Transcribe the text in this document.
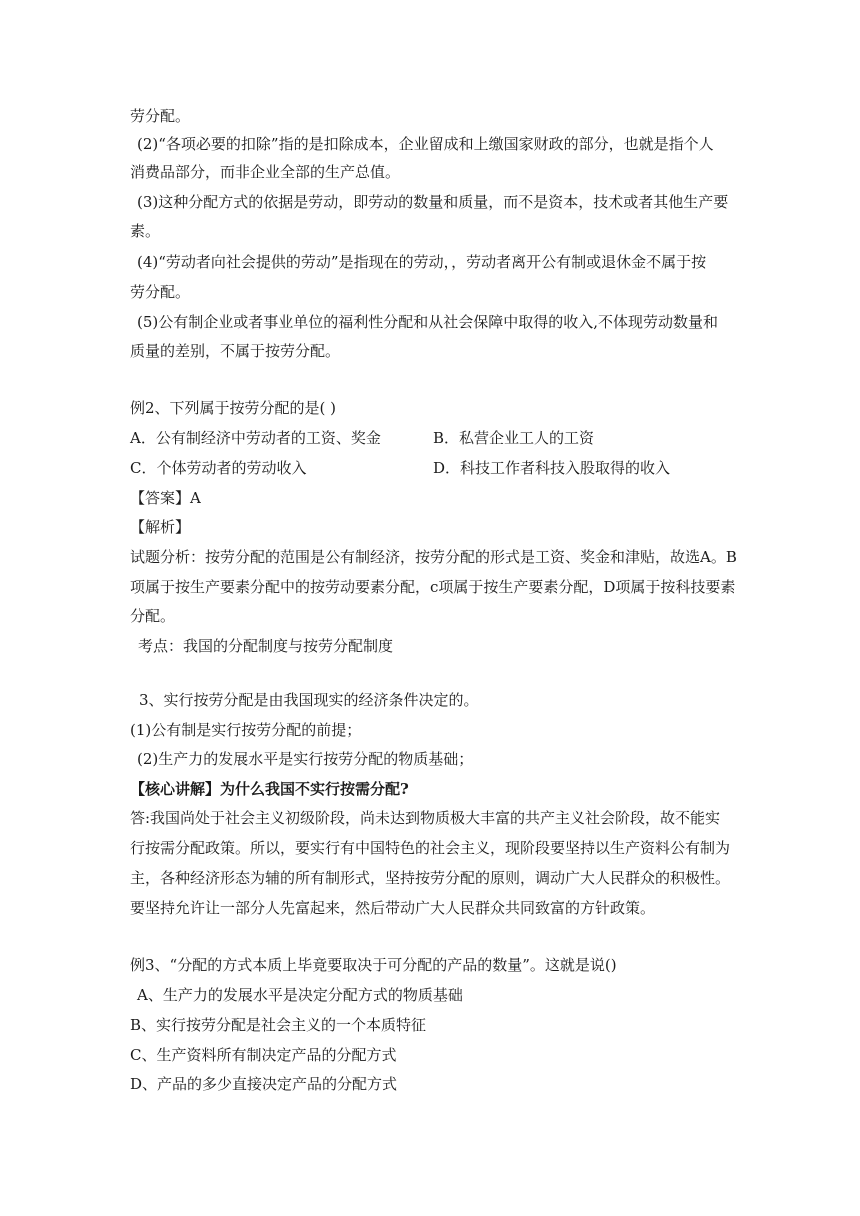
劳分配。
(2)“各项必要的扣除”指的是扣除成本，企业留成和上缴国家财政的部分，也就是指个人
消费品部分，而非企业全部的生产总值。
(3)这种分配方式的依据是劳动，即劳动的数量和质量，而不是资本，技术或者其他生产要
素。
(4)“劳动者向社会提供的劳动”是指现在的劳动，，劳动者离开公有制或退休金不属于按
劳分配。
(5)公有制企业或者事业单位的福利性分配和从社会保障中取得的收入,不体现劳动数量和
质量的差别，不属于按劳分配。
例2、下列属于按劳分配的是( )
A．公有制经济中劳动者的工资、奖金	B．私营企业工人的工资
C．个体劳动者的劳动收入	D．科技工作者科技入股取得的收入
【答案】A
【解析】
试题分析：按劳分配的范围是公有制经济，按劳分配的形式是工资、奖金和津贴，故选A。B
项属于按生产要素分配中的按劳动要素分配，c项属于按生产要素分配，D项属于按科技要素
分配。
考点：我国的分配制度与按劳分配制度
3、实行按劳分配是由我国现实的经济条件决定的。
(1)公有制是实行按劳分配的前提；
(2)生产力的发展水平是实行按劳分配的物质基础；
【核心讲解】为什么我国不实行按需分配?
答:我国尚处于社会主义初级阶段，尚未达到物质极大丰富的共产主义社会阶段，故不能实
行按需分配政策。所以，要实行有中国特色的社会主义，现阶段要坚持以生产资料公有制为
主，各种经济形态为辅的所有制形式，坚持按劳分配的原则，调动广大人民群众的积极性。
要坚持允许让一部分人先富起来，然后带动广大人民群众共同致富的方针政策。
例3、“分配的方式本质上毕竟要取决于可分配的产品的数量”。这就是说()
A、生产力的发展水平是决定分配方式的物质基础
B、实行按劳分配是社会主义的一个本质特征
C、生产资料所有制决定产品的分配方式
D、产品的多少直接决定产品的分配方式
